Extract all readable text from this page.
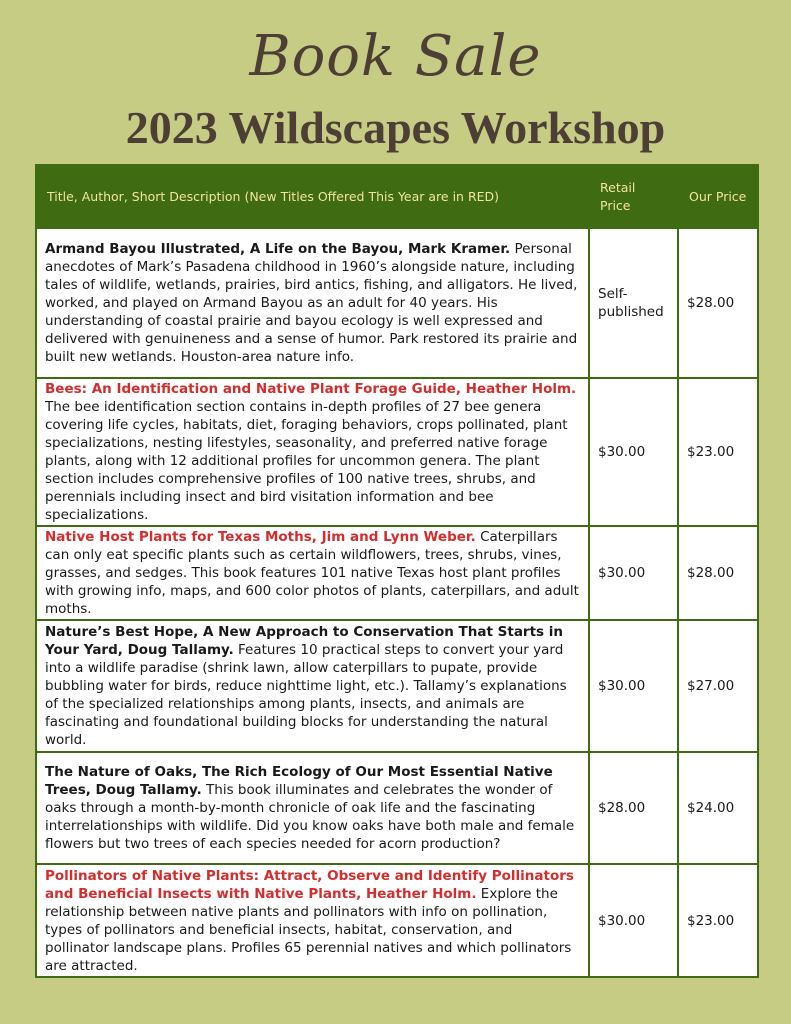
Book Sale
2023 Wildscapes Workshop
Title, Author, Short Description (New Titles Offered This Year are in RED)	Retail Price	Our Price
Armand Bayou Illustrated, A Life on the Bayou, Mark Kramer. Personal anecdotes of Mark’s Pasadena childhood in 1960’s alongside nature, including tales of wildlife, wetlands, prairies, bird antics, fishing, and alligators. He lived, worked, and played on Armand Bayou as an adult for 40 years. His understanding of coastal prairie and bayou ecology is well expressed and delivered with genuineness and a sense of humor. Park restored its prairie and built new wetlands. Houston-area nature info.	Self-published	$28.00
Bees: An Identification and Native Plant Forage Guide, Heather Holm. The bee identification section contains in-depth profiles of 27 bee genera covering life cycles, habitats, diet, foraging behaviors, crops pollinated, plant specializations, nesting lifestyles, seasonality, and preferred native forage plants, along with 12 additional profiles for uncommon genera. The plant section includes comprehensive profiles of 100 native trees, shrubs, and perennials including insect and bird visitation information and bee specializations.	$30.00	$23.00
Native Host Plants for Texas Moths, Jim and Lynn Weber. Caterpillars can only eat specific plants such as certain wildflowers, trees, shrubs, vines, grasses, and sedges. This book features 101 native Texas host plant profiles with growing info, maps, and 600 color photos of plants, caterpillars, and adult moths.	$30.00	$28.00
Nature’s Best Hope, A New Approach to Conservation That Starts in Your Yard, Doug Tallamy. Features 10 practical steps to convert your yard into a wildlife paradise (shrink lawn, allow caterpillars to pupate, provide bubbling water for birds, reduce nighttime light, etc.). Tallamy’s explanations of the specialized relationships among plants, insects, and animals are fascinating and foundational building blocks for understanding the natural world.	$30.00	$27.00
The Nature of Oaks, The Rich Ecology of Our Most Essential Native Trees, Doug Tallamy. This book illuminates and celebrates the wonder of oaks through a month-by-month chronicle of oak life and the fascinating interrelationships with wildlife. Did you know oaks have both male and female flowers but two trees of each species needed for acorn production?	$28.00	$24.00
Pollinators of Native Plants: Attract, Observe and Identify Pollinators and Beneficial Insects with Native Plants, Heather Holm. Explore the relationship between native plants and pollinators with info on pollination, types of pollinators and beneficial insects, habitat, conservation, and pollinator landscape plans. Profiles 65 perennial natives and which pollinators are attracted.	$30.00	$23.00
